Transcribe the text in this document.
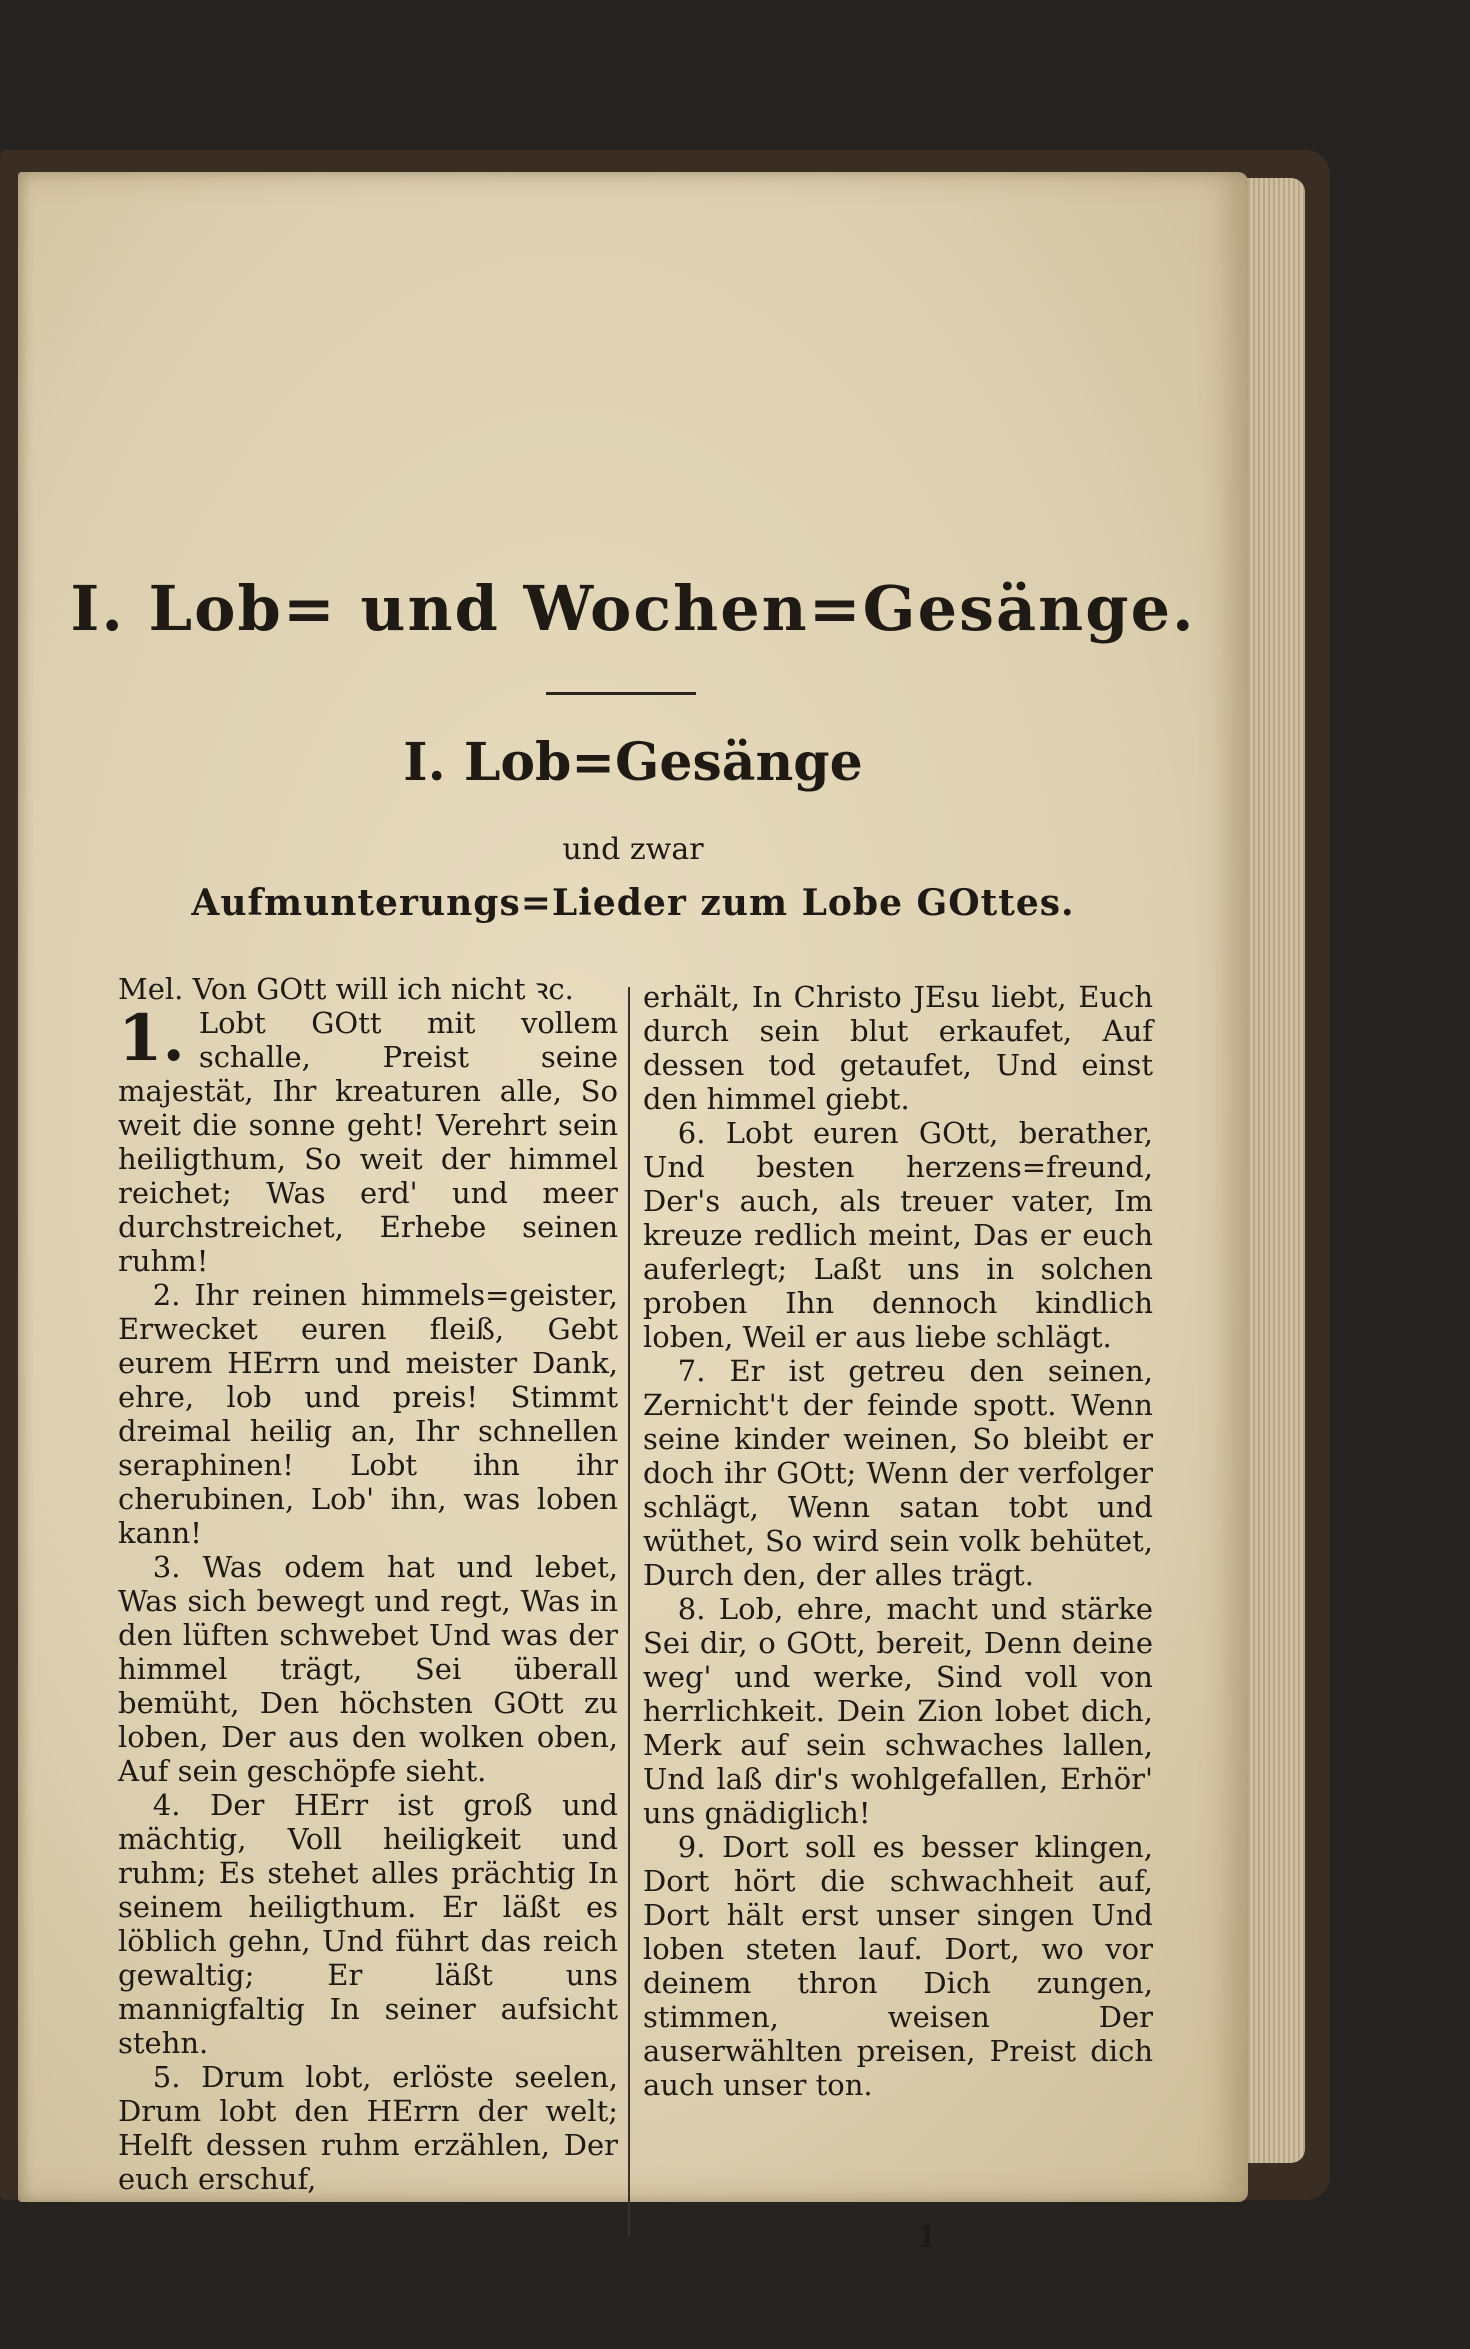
I. Lob= und Wochen=Gesänge.
I. Lob=Gesänge
und zwar
Aufmunterungs=Lieder zum Lobe GOttes.

Mel. Von GOtt will ich nicht ꝛc.

1. Lobt GOtt mit vollem schalle, Preist seine majestät, Ihr kreaturen alle, So weit die sonne geht! Verehrt sein heiligthum, So weit der himmel reichet; Was erd' und meer durchstreichet, Erhebe seinen ruhm!

2. Ihr reinen himmels=geister, Erwecket euren fleiß, Gebt eurem HErrn und meister Dank, ehre, lob und preis! Stimmt dreimal heilig an, Ihr schnellen seraphinen! Lobt ihn ihr cherubinen, Lob' ihn, was loben kann!

3. Was odem hat und lebet, Was sich bewegt und regt, Was in den lüften schwebet Und was der himmel trägt, Sei überall bemüht, Den höchsten GOtt zu loben, Der aus den wolken oben, Auf sein geschöpfe sieht.

4. Der HErr ist groß und mächtig, Voll heiligkeit und ruhm; Es stehet alles prächtig In seinem heiligthum. Er läßt es löblich gehn, Und führt das reich gewaltig; Er läßt uns mannigfaltig In seiner aufsicht stehn.

5. Drum lobt, erlöste seelen, Drum lobt den HErrn der welt; Helft dessen ruhm erzählen, Der euch erschuf,

erhält, In Christo JEsu liebt, Euch durch sein blut erkaufet, Auf dessen tod getaufet, Und einst den himmel giebt.

6. Lobt euren GOtt, berather, Und besten herzens=freund, Der's auch, als treuer vater, Im kreuze redlich meint, Das er euch auferlegt; Laßt uns in solchen proben Ihn dennoch kindlich loben, Weil er aus liebe schlägt.

7. Er ist getreu den seinen, Zernicht't der feinde spott. Wenn seine kinder weinen, So bleibt er doch ihr GOtt; Wenn der verfolger schlägt, Wenn satan tobt und wüthet, So wird sein volk behütet, Durch den, der alles trägt.

8. Lob, ehre, macht und stärke Sei dir, o GOtt, bereit, Denn deine weg' und werke, Sind voll von herrlichkeit. Dein Zion lobet dich, Merk auf sein schwaches lallen, Und laß dir's wohlgefallen, Erhör' uns gnädiglich!

9. Dort soll es besser klingen, Dort hört die schwachheit auf, Dort hält erst unser singen Und loben steten lauf. Dort, wo vor deinem thron Dich zungen, stimmen, weisen Der auserwählten preisen, Preist dich auch unser ton.

1
